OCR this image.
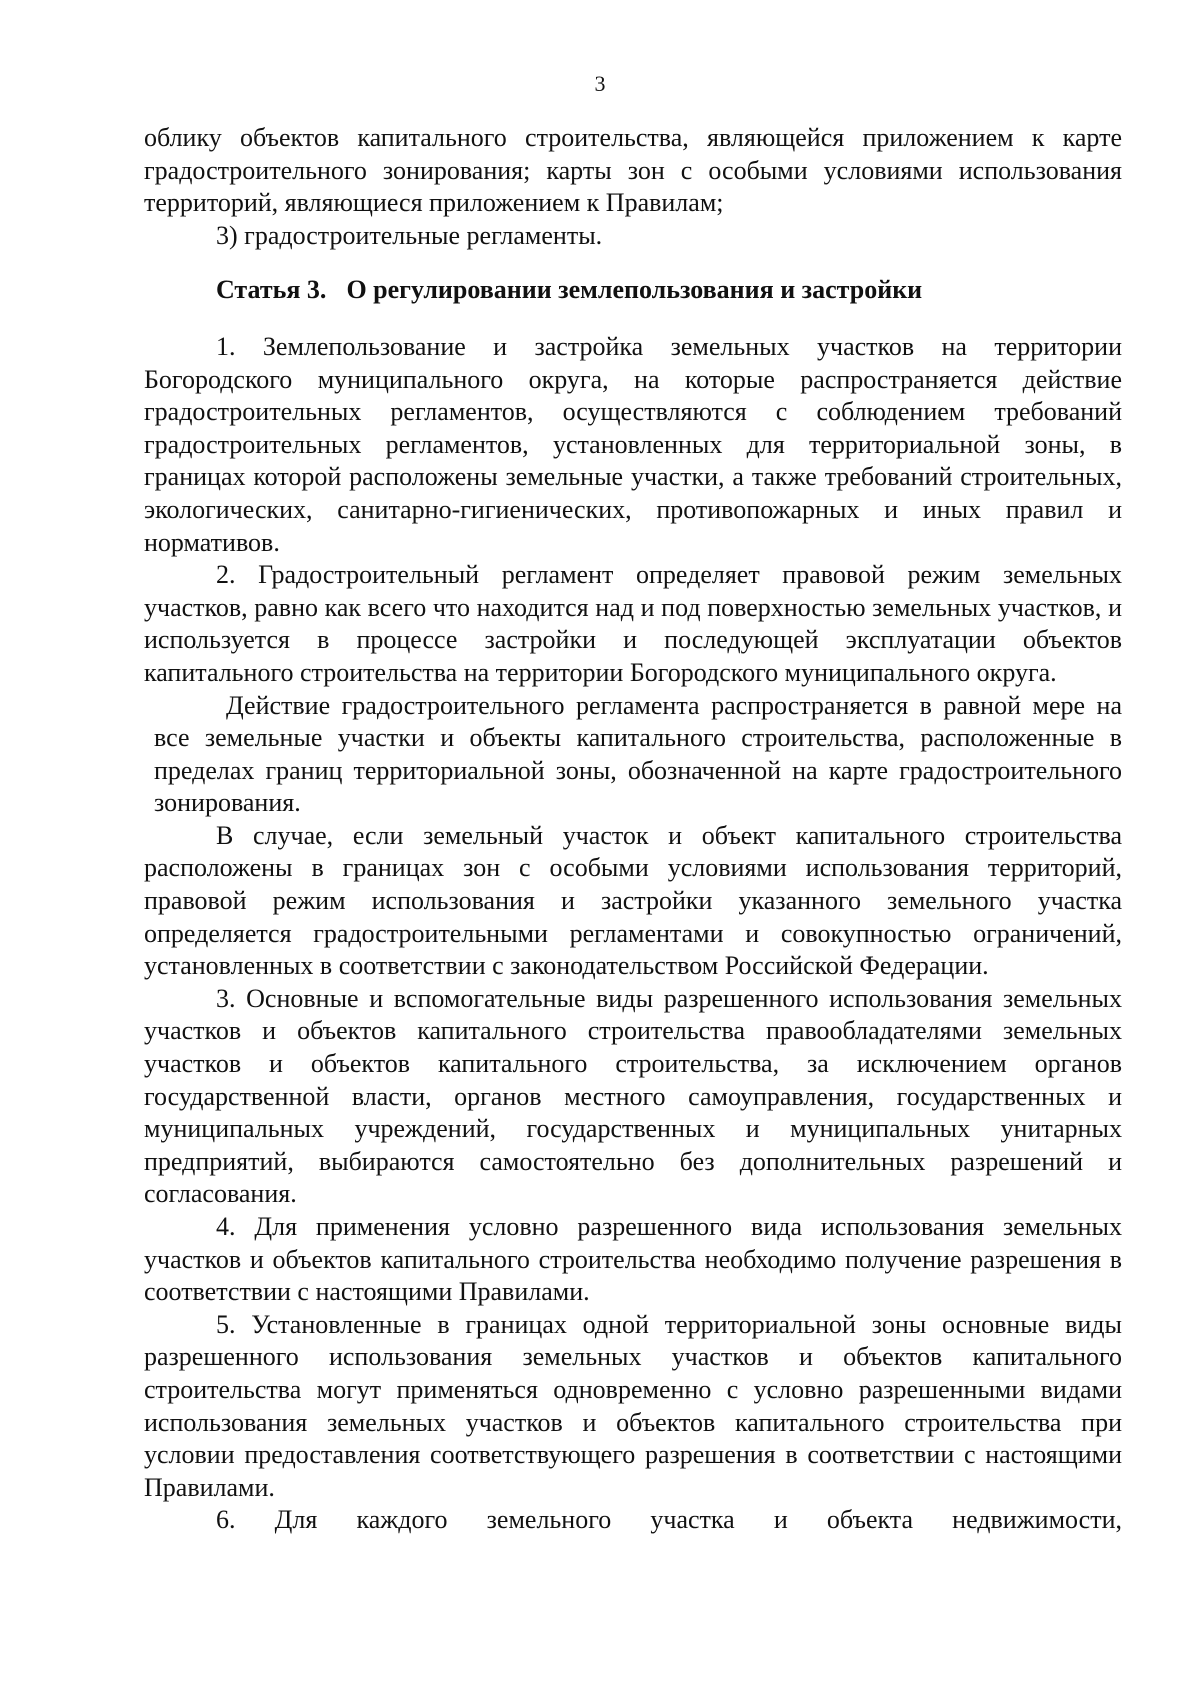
3

облику объектов капитального строительства, являющейся приложением к карте градостроительного зонирования; карты зон с особыми условиями использования территорий, являющиеся приложением к Правилам;

3) градостроительные регламенты.

Статья 3. О регулировании землепользования и застройки

1. Землепользование и застройка земельных участков на территории Богородского муниципального округа, на которые распространяется действие градостроительных регламентов, осуществляются с соблюдением требований градостроительных регламентов, установленных для территориальной зоны, в границах которой расположены земельные участки, а также требований строительных, экологических, санитарно-гигиенических, противопожарных и иных правил и нормативов.

2. Градостроительный регламент определяет правовой режим земельных участков, равно как всего что находится над и под поверхностью земельных участков, и используется в процессе застройки и последующей эксплуатации объектов капитального строительства на территории Богородского муниципального округа.

Действие градостроительного регламента распространяется в равной мере на все земельные участки и объекты капитального строительства, расположенные в пределах границ территориальной зоны, обозначенной на карте градостроительного зонирования.

В случае, если земельный участок и объект капитального строительства расположены в границах зон с особыми условиями использования территорий, правовой режим использования и застройки указанного земельного участка определяется градостроительными регламентами и совокупностью ограничений, установленных в соответствии с законодательством Российской Федерации.

3. Основные и вспомогательные виды разрешенного использования земельных участков и объектов капитального строительства правообладателями земельных участков и объектов капитального строительства, за исключением органов государственной власти, органов местного самоуправления, государственных и муниципальных учреждений, государственных и муниципальных унитарных предприятий, выбираются самостоятельно без дополнительных разрешений и согласования.

4. Для применения условно разрешенного вида использования земельных участков и объектов капитального строительства необходимо получение разрешения в соответствии с настоящими Правилами.

5. Установленные в границах одной территориальной зоны основные виды разрешенного использования земельных участков и объектов капитального строительства могут применяться одновременно с условно разрешенными видами использования земельных участков и объектов капитального строительства при условии предоставления соответствующего разрешения в соответствии с настоящими Правилами.

6. Для каждого земельного участка и объекта недвижимости,
